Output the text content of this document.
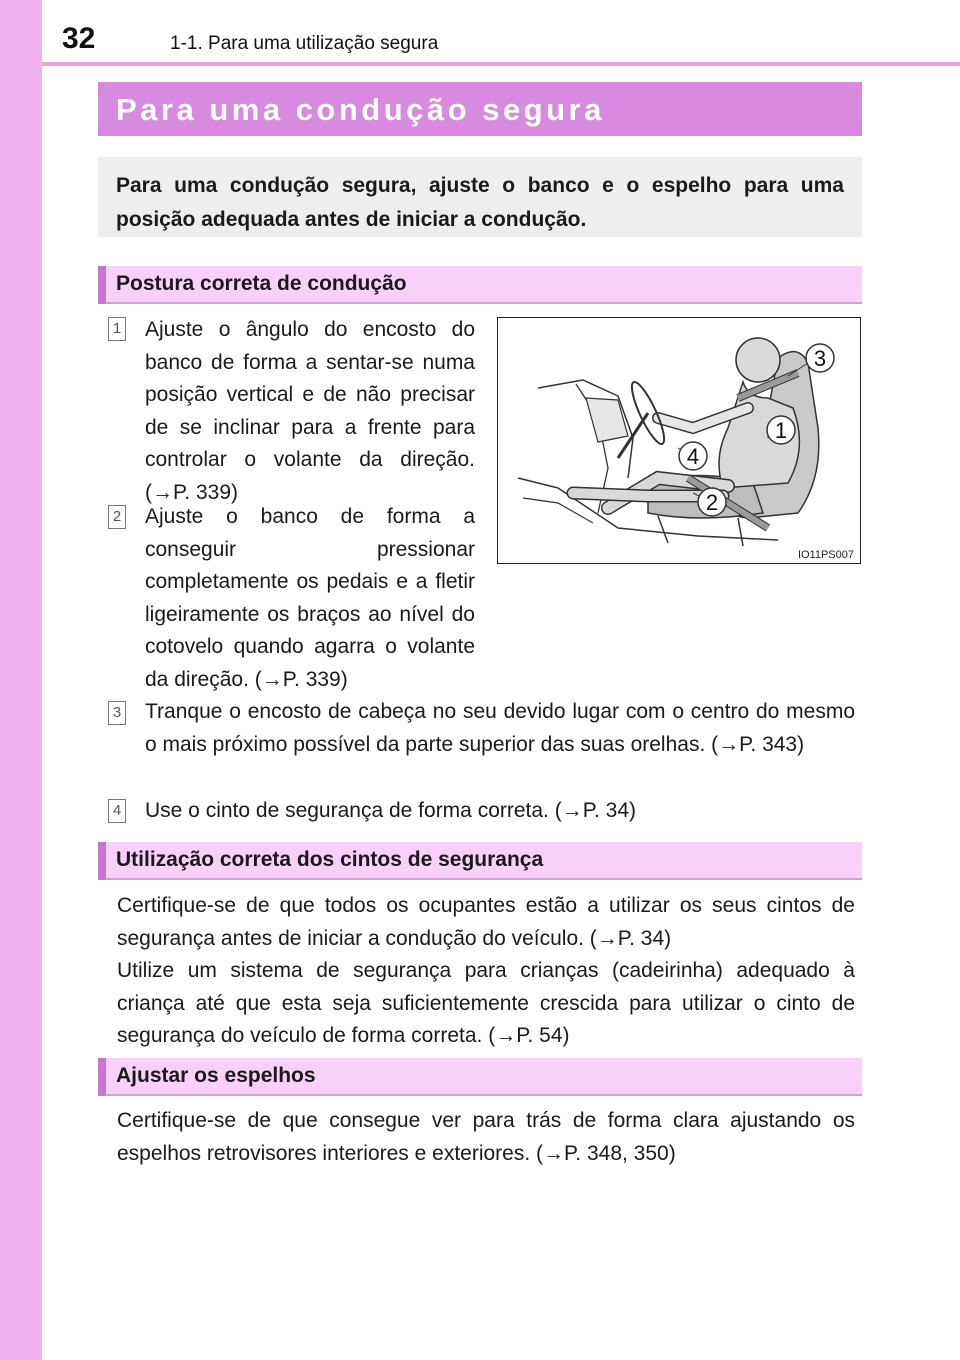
32	1-1. Para uma utilização segura
Para uma condução segura
Para uma condução segura, ajuste o banco e o espelho para uma posição adequada antes de iniciar a condução.
Postura correta de condução
1 Ajuste o ângulo do encosto do banco de forma a sentar-se numa posição vertical e de não precisar de se inclinar para a frente para controlar o volante da direção. (→P. 339)
2 Ajuste o banco de forma a conseguir pressionar completamente os pedais e a fletir ligeiramente os braços ao nível do cotovelo quando agarra o volante da direção. (→P. 339)
3 Tranque o encosto de cabeça no seu devido lugar com o centro do mesmo o mais próximo possível da parte superior das suas orelhas. (→P. 343)
4 Use o cinto de segurança de forma correta. (→P. 34)
3
1
4
2
IO11PS007
Utilização correta dos cintos de segurança
Certifique-se de que todos os ocupantes estão a utilizar os seus cintos de segurança antes de iniciar a condução do veículo. (→P. 34)
Utilize um sistema de segurança para crianças (cadeirinha) adequado à criança até que esta seja suficientemente crescida para utilizar o cinto de segurança do veículo de forma correta. (→P. 54)
Ajustar os espelhos
Certifique-se de que consegue ver para trás de forma clara ajustando os espelhos retrovisores interiores e exteriores. (→P. 348, 350)
